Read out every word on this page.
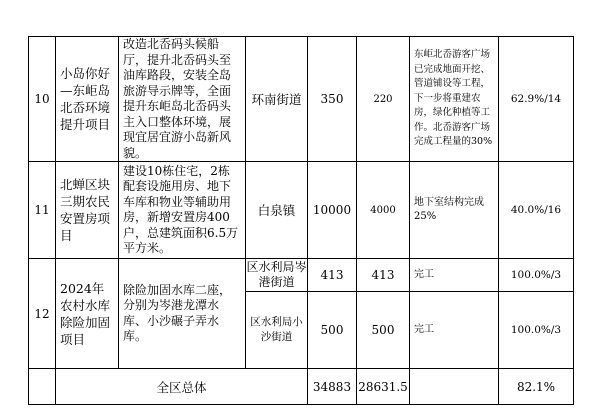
10	小岛你好—东岠岛北岙环境提升项目	改造北岙码头候船厅，提升北岙码头至油库路段，安装全岛旅游导示牌等，全面提升东岠岛北岙码头主入口整体环境，展现宜居宜游小岛新风貌。	环南街道	350	220	东岠北岙游客广场已完成地面开挖、管道铺设等工程，下一步将重建农房，绿化种植等工作。北岙游客广场完成工程量的30%	62.9%/14
11	北蝉区块三期农民安置房项目	建设10栋住宅，2栋配套设施用房、地下车库和物业等辅助用房，新增安置房400户，总建筑面积6.5万平方米。	白泉镇	10000	4000	地下室结构完成25%	40.0%/16
12	2024年农村水库除险加固项目	除险加固水库二座，分别为岑港龙潭水库、小沙碾子弄水库。	区水利局岑港街道	413	413	完工	100.0%/3
			区水利局小沙街道	500	500	完工	100.0%/3
	全区总体			34883	28631.5		82.1%
